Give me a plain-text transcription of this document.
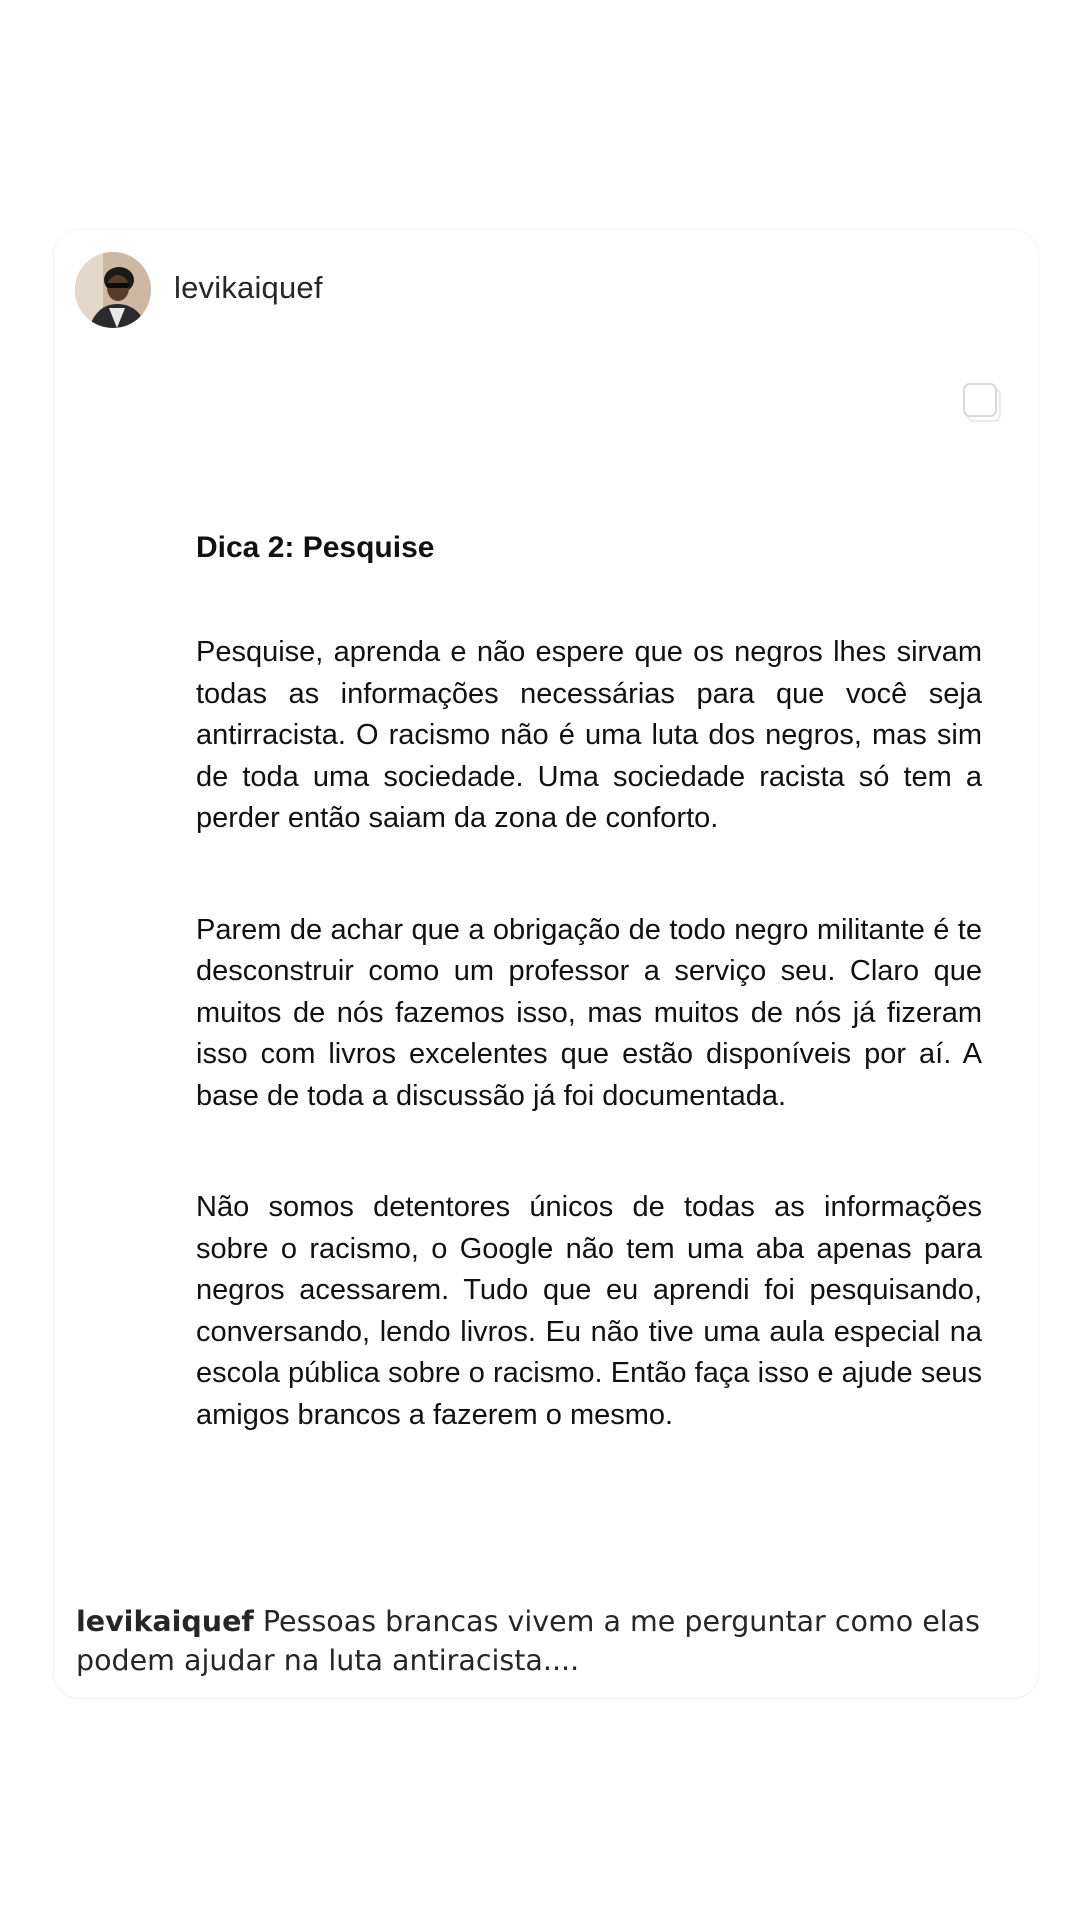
levikaiquef
Dica 2: Pesquise

Pesquise, aprenda e não espere que os negros lhes sirvam todas as informações necessárias para que você seja antirracista. O racismo não é uma luta dos negros, mas sim de toda uma sociedade. Uma sociedade racista só tem a perder então saiam da zona de conforto.

Parem de achar que a obrigação de todo negro militante é te desconstruir como um professor a serviço seu. Claro que muitos de nós fazemos isso, mas muitos de nós já fizeram isso com livros excelentes que estão disponíveis por aí. A base de toda a discussão já foi documentada.

Não somos detentores únicos de todas as informações sobre o racismo, o Google não tem uma aba apenas para negros acessarem. Tudo que eu aprendi foi pesquisando, conversando, lendo livros. Eu não tive uma aula especial na escola pública sobre o racismo. Então faça isso e ajude seus amigos brancos a fazerem o mesmo.

levikaiquef Pessoas brancas vivem a me perguntar como elas podem ajudar na luta antiracista....
